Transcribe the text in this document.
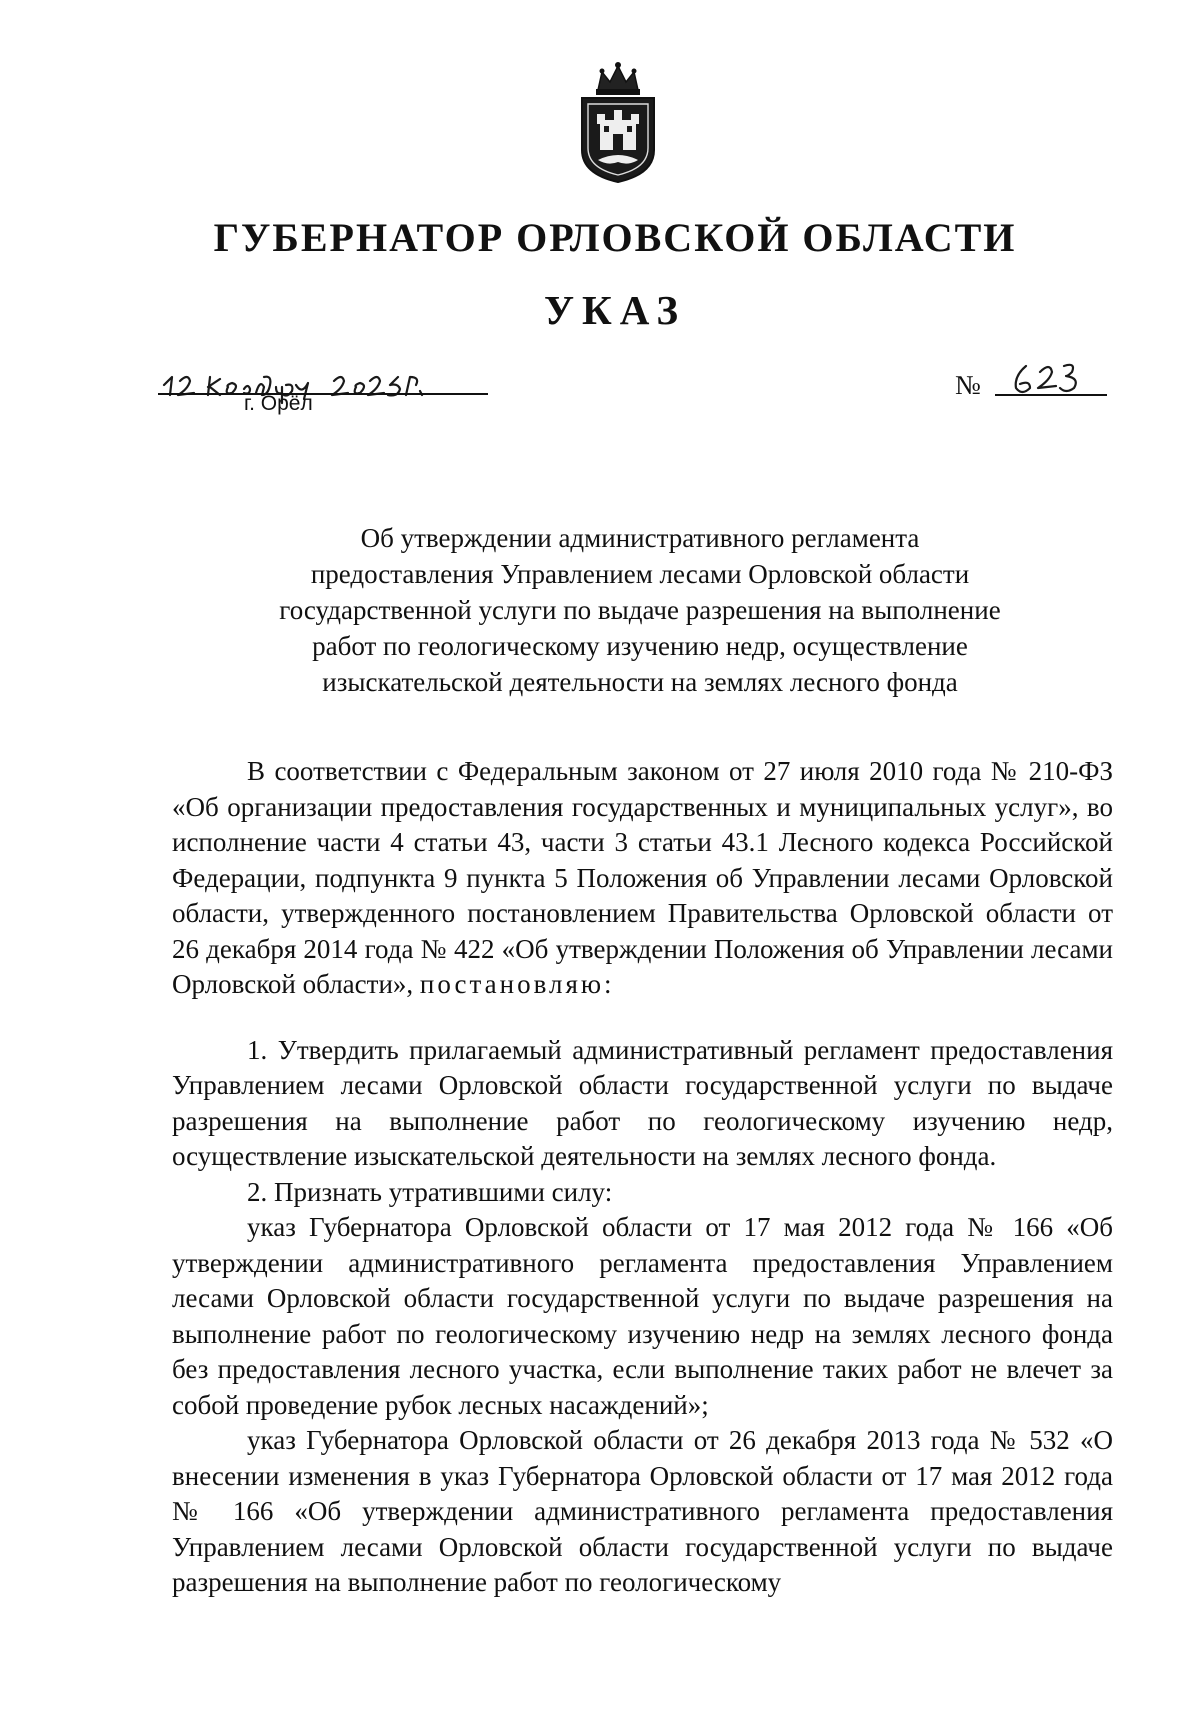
ГУБЕРНАТОР ОРЛОВСКОЙ ОБЛАСТИ
УКАЗ
г. Орёл
№
Об утверждении административного регламента
предоставления Управлением лесами Орловской области
государственной услуги по выдаче разрешения на выполнение
работ по геологическому изучению недр, осуществление
изыскательской деятельности на землях лесного фонда

В соответствии с Федеральным законом от 27 июля 2010 года № 210-ФЗ «Об организации предоставления государственных и муниципальных услуг», во исполнение части 4 статьи 43, части 3 статьи 43.1 Лесного кодекса Российской Федерации, подпункта 9 пункта 5 Положения об Управлении лесами Орловской области, утвержденного постановлением Правительства Орловской области от 26 декабря 2014 года № 422 «Об утверждении Положения об Управлении лесами Орловской области», постановляю:

1. Утвердить прилагаемый административный регламент предоставления Управлением лесами Орловской области государственной услуги по выдаче разрешения на выполнение работ по геологическому изучению недр, осуществление изыскательской деятельности на землях лесного фонда.

2. Признать утратившими силу:

указ Губернатора Орловской области от 17 мая 2012 года № 166 «Об утверждении административного регламента предоставления Управлением лесами Орловской области государственной услуги по выдаче разрешения на выполнение работ по геологическому изучению недр на землях лесного фонда без предоставления лесного участка, если выполнение таких работ не влечет за собой проведение рубок лесных насаждений»;

указ Губернатора Орловской области от 26 декабря 2013 года № 532 «О внесении изменения в указ Губернатора Орловской области от 17 мая 2012 года № 166 «Об утверждении административного регламента предоставления Управлением лесами Орловской области государственной услуги по выдаче разрешения на выполнение работ по геологическому
